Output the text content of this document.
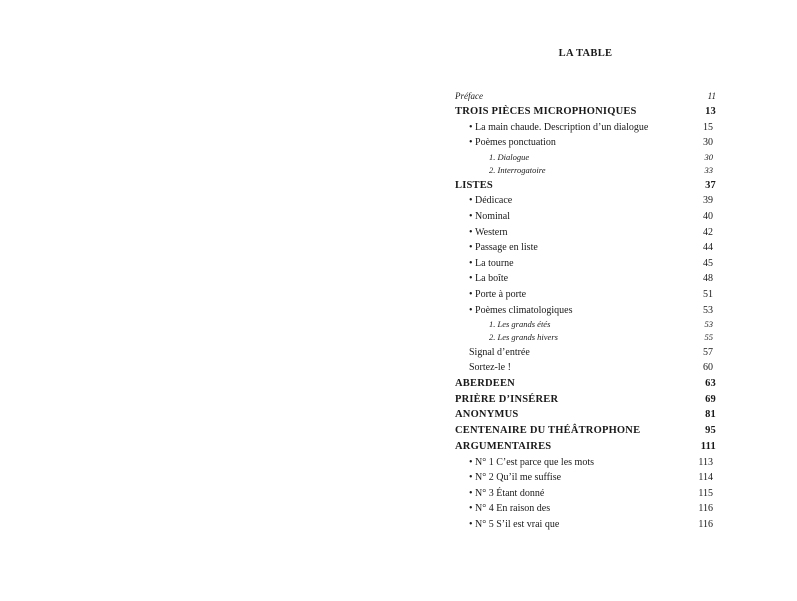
LA TABLE
Préface	11
TROIS PIÈCES MICROPHONIQUES	13
• La main chaude. Description d’un dialogue	15
• Poèmes ponctuation	30
1. Dialogue	30
2. Interrogatoire	33
LISTES	37
• Dédicace	39
• Nominal	40
• Western	42
• Passage en liste	44
• La tourne	45
• La boîte	48
• Porte à porte	51
• Poèmes climatologiques	53
1. Les grands étés	53
2. Les grands hivers	55
Signal d’entrée	57
Sortez-le !	60
ABERDEEN	63
PRIÈRE D’INSÉRER	69
ANONYMUS	81
CENTENAIRE DU THÉÂTROPHONE	95
ARGUMENTAIRES	111
• N° 1 C’est parce que les mots	113
• N° 2 Qu’il me suffise	114
• N° 3 Étant donné	115
• N° 4 En raison des	116
• N° 5 S’il est vrai que	116
